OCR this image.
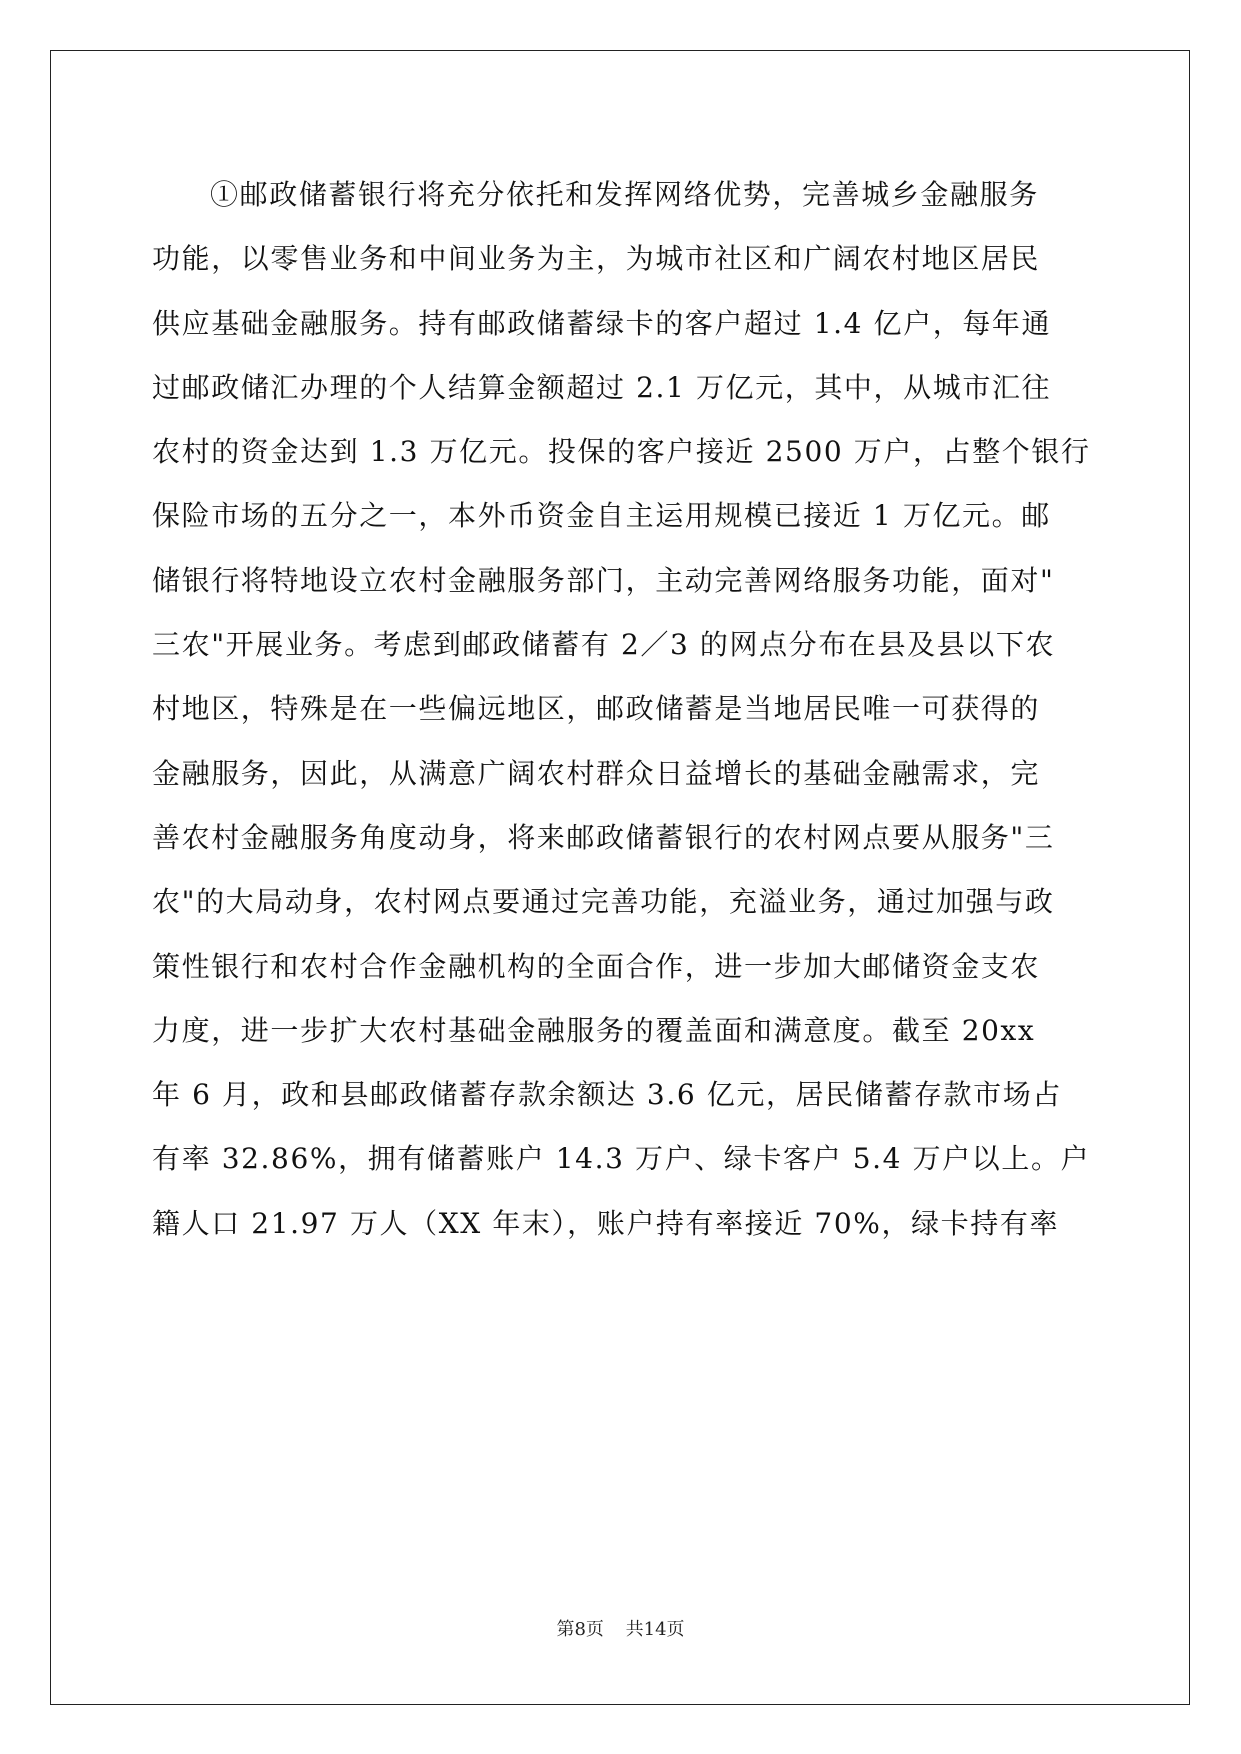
①邮政储蓄银行将充分依托和发挥网络优势，完善城乡金融服务
功能，以零售业务和中间业务为主，为城市社区和广阔农村地区居民
供应基础金融服务。持有邮政储蓄绿卡的客户超过 1.4 亿户，每年通
过邮政储汇办理的个人结算金额超过 2.1 万亿元，其中，从城市汇往
农村的资金达到 1.3 万亿元。投保的客户接近 2500 万户，占整个银行
保险市场的五分之一，本外币资金自主运用规模已接近 1 万亿元。邮
储银行将特地设立农村金融服务部门，主动完善网络服务功能，面对"
三农"开展业务。考虑到邮政储蓄有 2／3 的网点分布在县及县以下农
村地区，特殊是在一些偏远地区，邮政储蓄是当地居民唯一可获得的
金融服务，因此，从满意广阔农村群众日益增长的基础金融需求，完
善农村金融服务角度动身，将来邮政储蓄银行的农村网点要从服务"三
农"的大局动身，农村网点要通过完善功能，充溢业务，通过加强与政
策性银行和农村合作金融机构的全面合作，进一步加大邮储资金支农
力度，进一步扩大农村基础金融服务的覆盖面和满意度。截至 20xx
年 6 月，政和县邮政储蓄存款余额达 3.6 亿元，居民储蓄存款市场占
有率 32.86%，拥有储蓄账户 14.3 万户、绿卡客户 5.4 万户以上。户
籍人口 21.97 万人（XX 年末），账户持有率接近 70%，绿卡持有率
第8页 共14页
